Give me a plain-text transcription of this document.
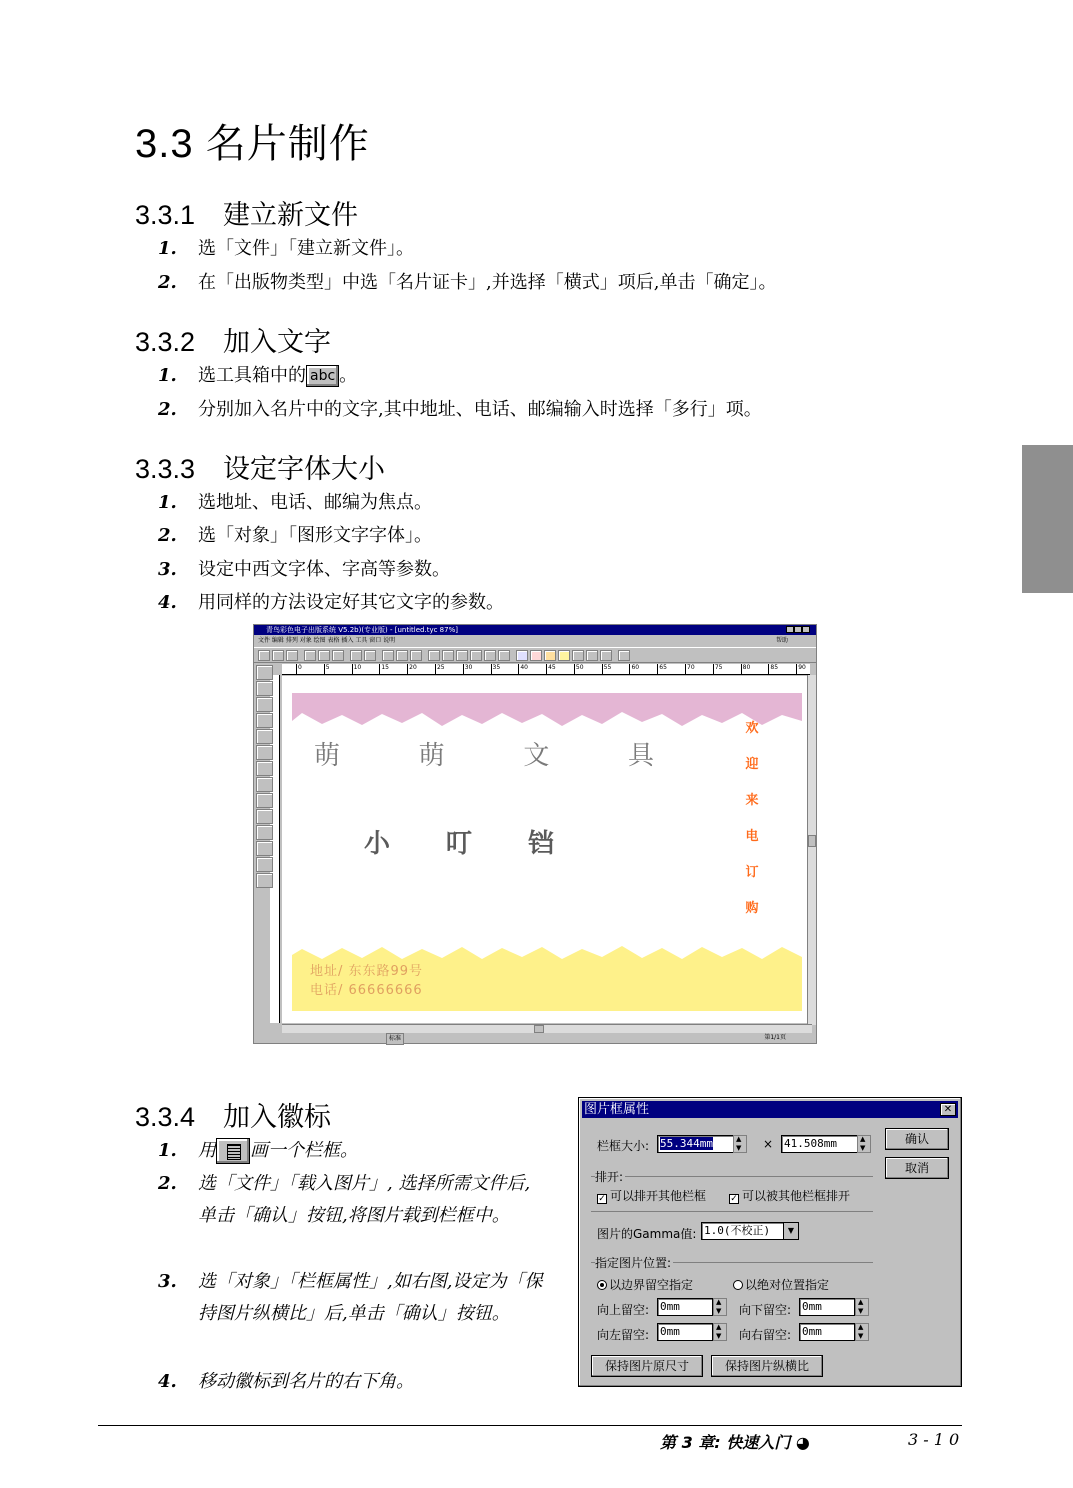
3.3 名片制作
3.3.1 建立新文件
1. 选「文件」「建立新文件」。
2. 在「出版物类型」中选「名片证卡」,并选择「横式」项后,单击「确定」。
3.3.2 加入文字
1. 选工具箱中的 abc 。
2. 分别加入名片中的文字,其中地址、电话、邮编输入时选择「多行」项。
3.3.3 设定字体大小
1. 选地址、电话、邮编为焦点。
2. 选「对象」「图形文字字体」。
3. 设定中西文字体、字高等参数。
4. 用同样的方法设定好其它文字的参数。
青鸟彩色电子出版系统 V5.2b)(专业版) - [untitled.tyc 87%]
文件 编辑 排列 对象 绘图 表格 插入 工具 窗口 说明	帮助
0	5	10	15	20	25	30	35	40	45	50	55	60	65	70	75	80	85	90
萌	萌	文	具
小 叮 铛
欢
迎
来
电
订
购
地址/ 东东路99号
电话/ 66666666
标准	第1/1页
3.3.4 加入徽标
1. 用 画一个栏框。
2. 选「文件」「载入图片」, 选择所需文件后,单击「确认」按钮,将图片载到栏框中。
3. 选「对象」「栏框属性」,如右图,设定为「保持图片纵横比」后,单击「确认」按钮。
4. 移动徽标到名片的右下角。
图片框属性	✕
栏框大小: 55.344mm ▲ ▼	× 41.508mm ▲ ▼	确认
取消
排开:
✓ 可以排开其他栏框	✓ 可以被其他栏框排开
图片的Gamma值: 1.0(不校正)	▼
指定图片位置:
以边界留空指定	以绝对位置指定
向上留空: 0mm ▲ ▼	向下留空: 0mm
▲ ▼
向左留空: 0mm ▲ ▼	向右留空: 0mm
▲ ▼
保持图片原尺寸	保持图片纵横比
第 3 章: 快速入门 ◕	3 - 1 0
